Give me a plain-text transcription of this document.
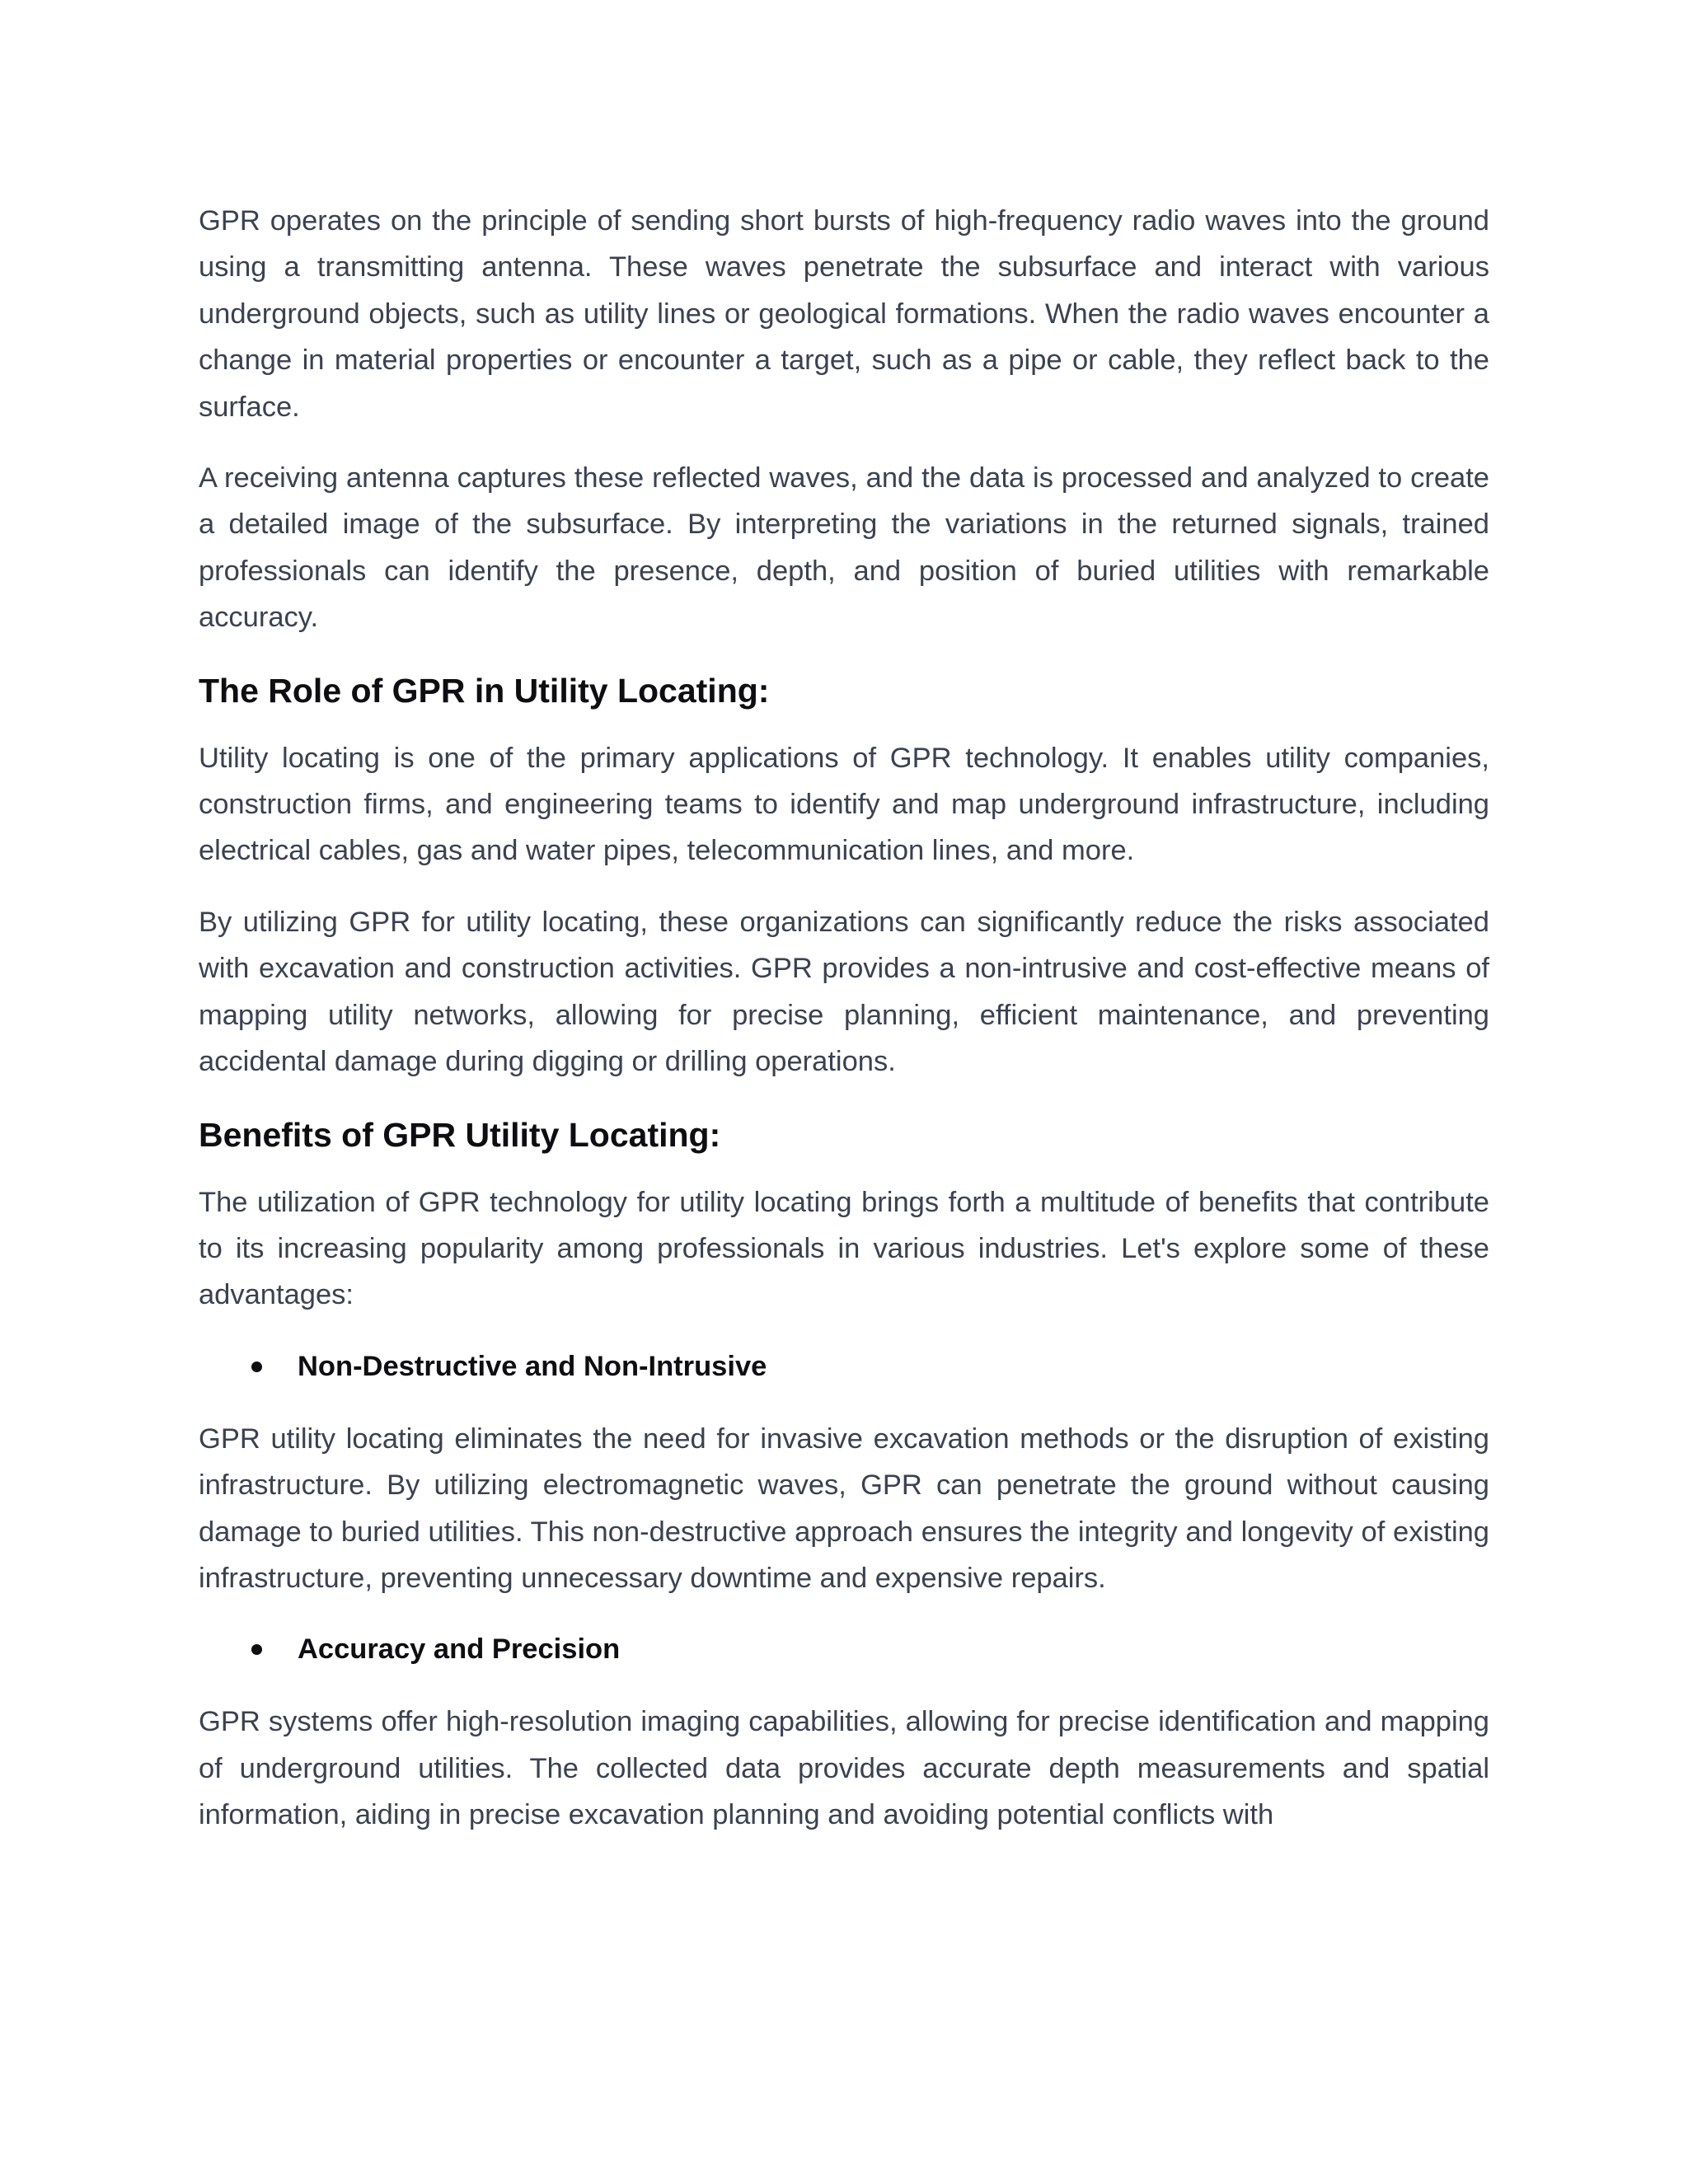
GPR operates on the principle of sending short bursts of high-frequency radio waves into the ground using a transmitting antenna. These waves penetrate the subsurface and interact with various underground objects, such as utility lines or geological formations. When the radio waves encounter a change in material properties or encounter a target, such as a pipe or cable, they reflect back to the surface.

A receiving antenna captures these reflected waves, and the data is processed and analyzed to create a detailed image of the subsurface. By interpreting the variations in the returned signals, trained professionals can identify the presence, depth, and position of buried utilities with remarkable accuracy.

The Role of GPR in Utility Locating:

Utility locating is one of the primary applications of GPR technology. It enables utility companies, construction firms, and engineering teams to identify and map underground infrastructure, including electrical cables, gas and water pipes, telecommunication lines, and more.

By utilizing GPR for utility locating, these organizations can significantly reduce the risks associated with excavation and construction activities. GPR provides a non-intrusive and cost-effective means of mapping utility networks, allowing for precise planning, efficient maintenance, and preventing accidental damage during digging or drilling operations.

Benefits of GPR Utility Locating:

The utilization of GPR technology for utility locating brings forth a multitude of benefits that contribute to its increasing popularity among professionals in various industries. Let's explore some of these advantages:

Non-Destructive and Non-Intrusive

GPR utility locating eliminates the need for invasive excavation methods or the disruption of existing infrastructure. By utilizing electromagnetic waves, GPR can penetrate the ground without causing damage to buried utilities. This non-destructive approach ensures the integrity and longevity of existing infrastructure, preventing unnecessary downtime and expensive repairs.

Accuracy and Precision

GPR systems offer high-resolution imaging capabilities, allowing for precise identification and mapping of underground utilities. The collected data provides accurate depth measurements and spatial information, aiding in precise excavation planning and avoiding potential conflicts with
